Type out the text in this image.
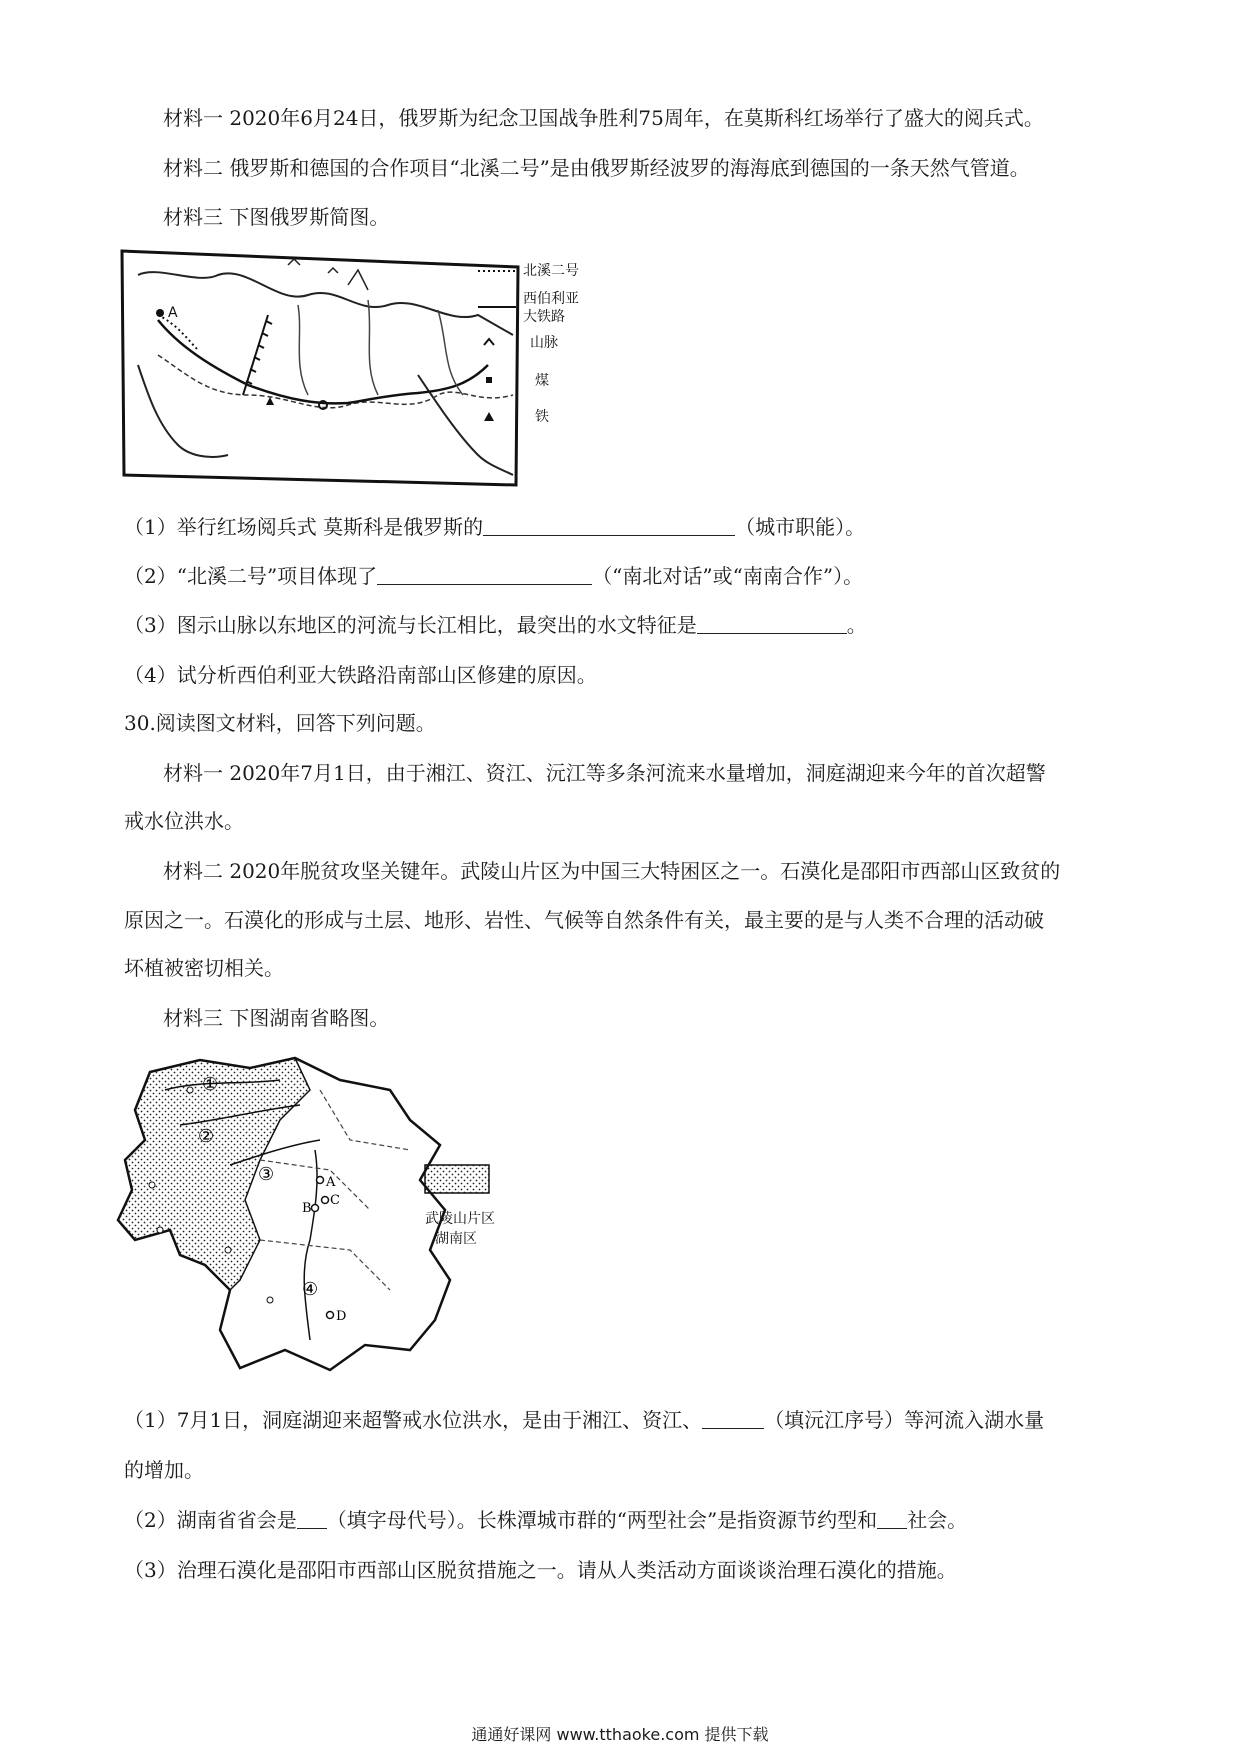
材料一 2020年6月24日，俄罗斯为纪念卫国战争胜利75周年，在莫斯科红场举行了盛大的阅兵式。
材料二 俄罗斯和德国的合作项目“北溪二号”是由俄罗斯经波罗的海海底到德国的一条天然气管道。
材料三 下图俄罗斯简图。
A
北溪二号
西伯利亚
大铁路
山脉
煤
铁
（1）举行红场阅兵式 莫斯科是俄罗斯的	（城市职能）。
（2）“北溪二号”项目体现了	（“南北对话”或“南南合作”）。
（3）图示山脉以东地区的河流与长江相比，最突出的水文特征是	。
（4）试分析西伯利亚大铁路沿南部山区修建的原因。
30.阅读图文材料，回答下列问题。
材料一 2020年7月1日，由于湘江、资江、沅江等多条河流来水量增加，洞庭湖迎来今年的首次超警
戒水位洪水。
材料二 2020年脱贫攻坚关键年。武陵山片区为中国三大特困区之一。石漠化是邵阳市西部山区致贫的
原因之一。石漠化的形成与土层、地形、岩性、气候等自然条件有关，最主要的是与人类不合理的活动破
坏植被密切相关。
材料三 下图湖南省略图。
①
②
③
④
A
B
C
D
武陵山片区
湖南区
（1）7月1日，洞庭湖迎来超警戒水位洪水，是由于湘江、资江、	（填沅江序号）等河流入湖水量
的增加。
（2）湖南省省会是 （填字母代号）。长株潭城市群的“两型社会”是指资源节约型和 社会。
（3）治理石漠化是邵阳市西部山区脱贫措施之一。请从人类活动方面谈谈治理石漠化的措施。
通通好课网 www.tthaoke.com 提供下载
